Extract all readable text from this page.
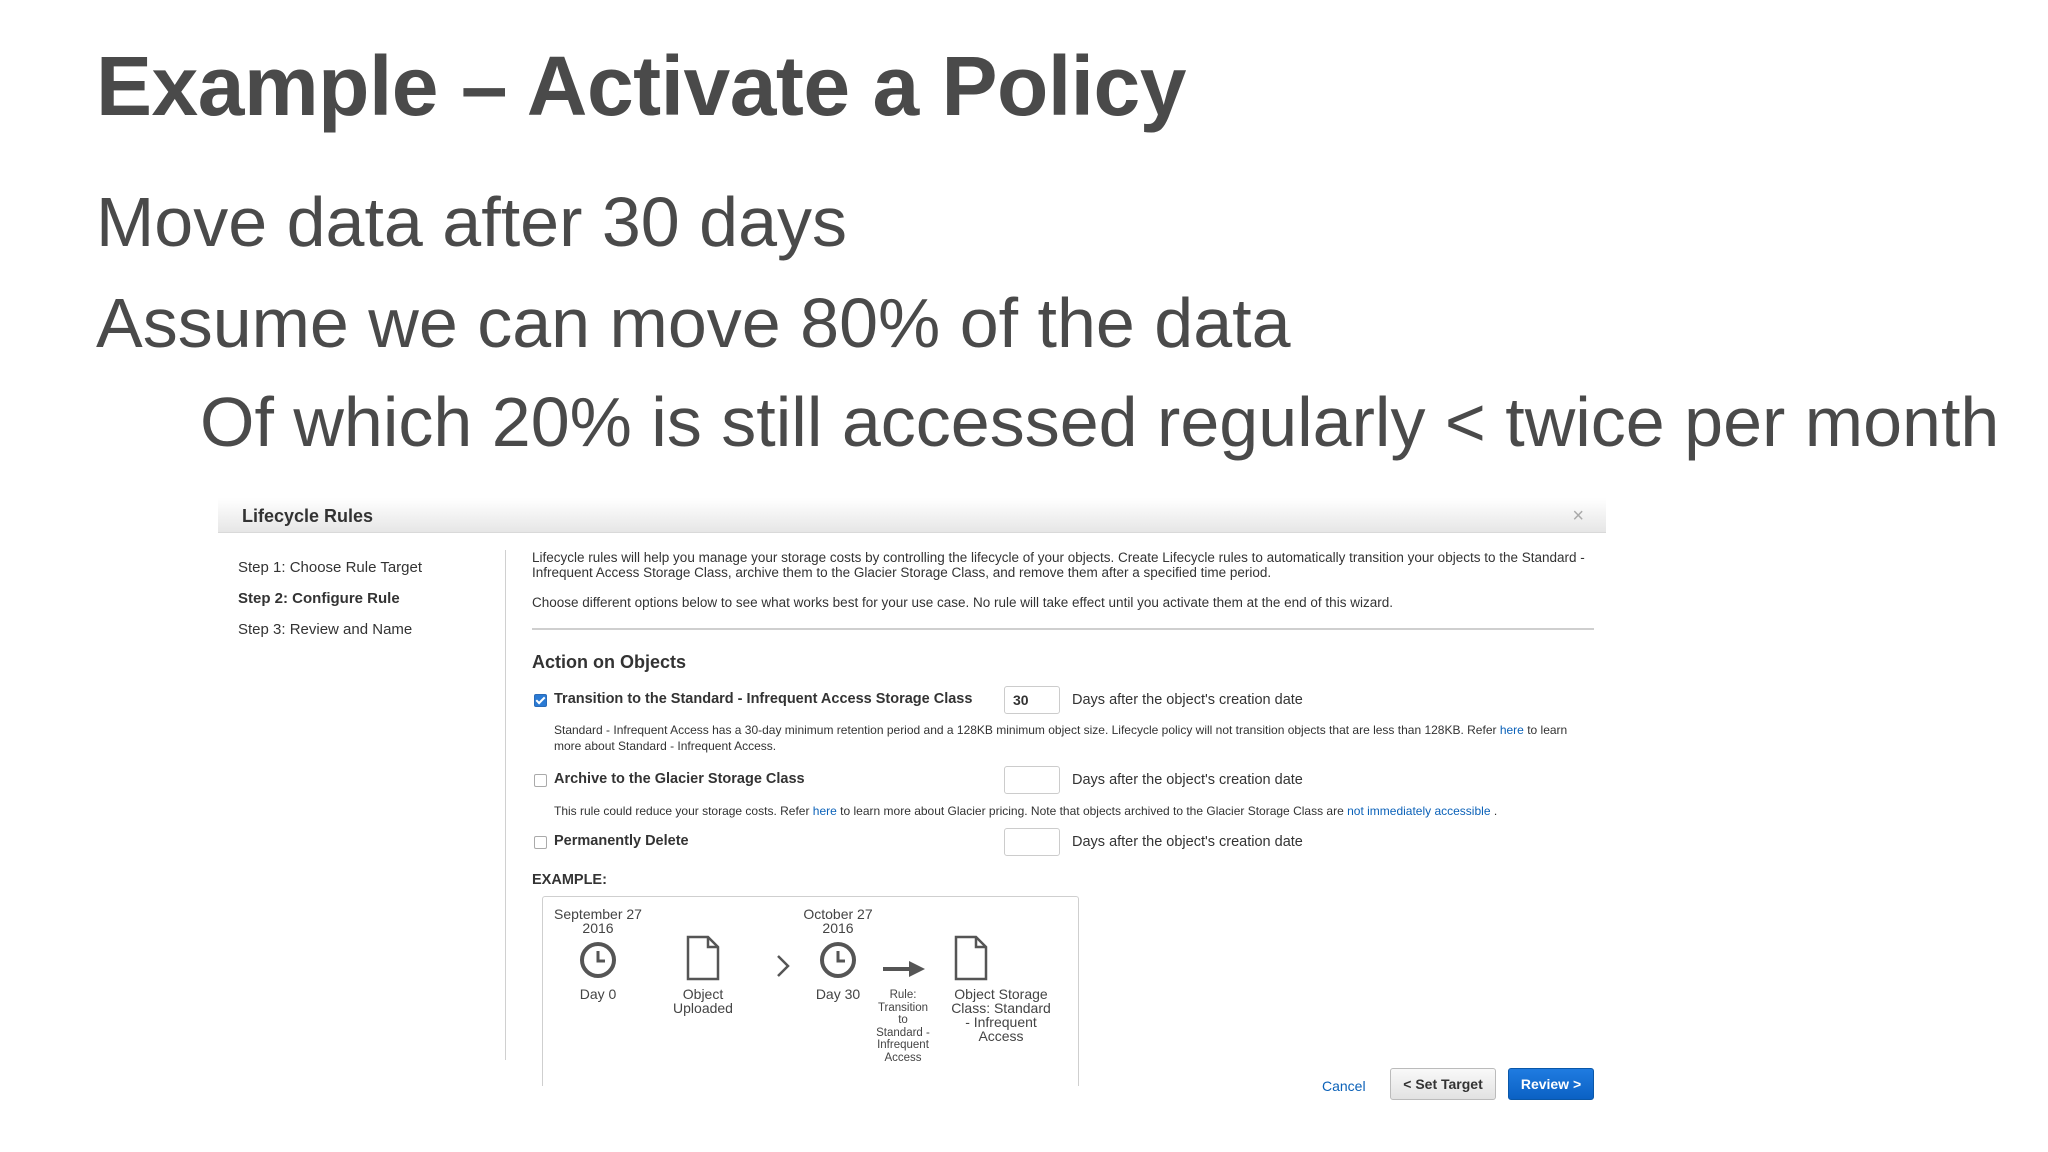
Example – Activate a Policy

Move data after 30 days

Assume we can move 80% of the data

Of which 20% is still accessed regularly < twice per month

Lifecycle Rules	×
Step 1: Choose Rule Target
Step 2: Configure Rule
Step 3: Review and Name

Lifecycle rules will help you manage your storage costs by controlling the lifecycle of your objects. Create Lifecycle rules to automatically transition your objects to the Standard - Infrequent Access Storage Class, archive them to the Glacier Storage Class, and remove them after a specified time period.

Choose different options below to see what works best for your use case. No rule will take effect until you activate them at the end of this wizard.

Action on Objects
Transition to the Standard - Infrequent Access Storage Class
30	Days after the object's creation date
Standard - Infrequent Access has a 30-day minimum retention period and a 128KB minimum object size. Lifecycle policy will not transition objects that are less than 128KB. Refer here to learn more about Standard - Infrequent Access.
Archive to the Glacier Storage Class	Days after the object's creation date
This rule could reduce your storage costs. Refer here to learn more about Glacier pricing. Note that objects archived to the Glacier Storage Class are not immediately accessible .
Permanently Delete	Days after the object's creation date
EXAMPLE:
September 27
2016
Day 0	Object
Uploaded
October 27
2016
Day 30	Rule:
Transition
to
Standard -
Infrequent
Access
Object Storage
Class: Standard
- Infrequent
Access
Cancel	< Set Target	Review >
